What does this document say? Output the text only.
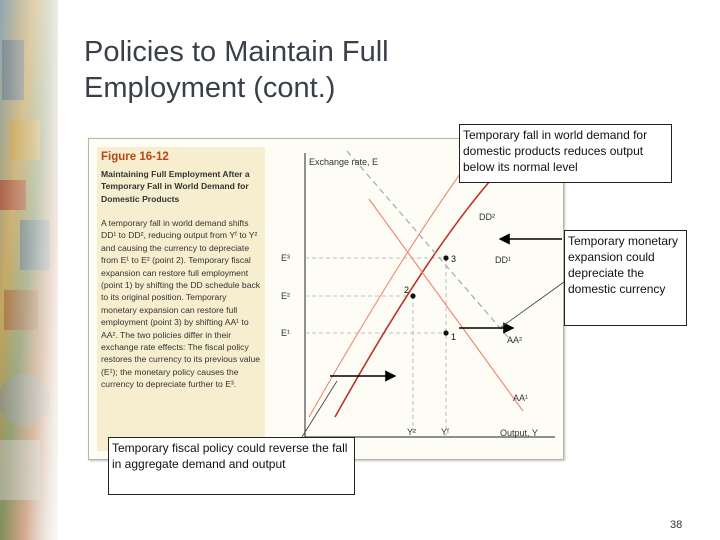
Policies to Maintain Full Employment (cont.)
Figure 16-12
Maintaining Full Employment After a Temporary Fall in World Demand for Domestic Products
A temporary fall in world demand shifts DD¹ to DD², reducing output from Yᶠ to Y² and causing the currency to depreciate from E¹ to E² (point 2). Temporary fiscal expansion can restore full employment (point 1) by shifting the DD schedule back to its original position. Temporary monetary expansion can restore full employment (point 3) by shifting AA¹ to AA². The two policies differ in their exchange rate effects: The fiscal policy restores the currency to its previous value (E¹); the monetary policy causes the currency to depreciate further to E³.
2
1
3
Exchange rate, E
Output, Y
E³
E²
E¹
Y²	Yᶠ
DD²
DD¹
AA¹
AA²
Temporary fall in world demand for domestic products reduces output below its normal level
Temporary monetary expansion could depreciate the domestic currency
Temporary fiscal policy could reverse the fall in aggregate demand and output
38
